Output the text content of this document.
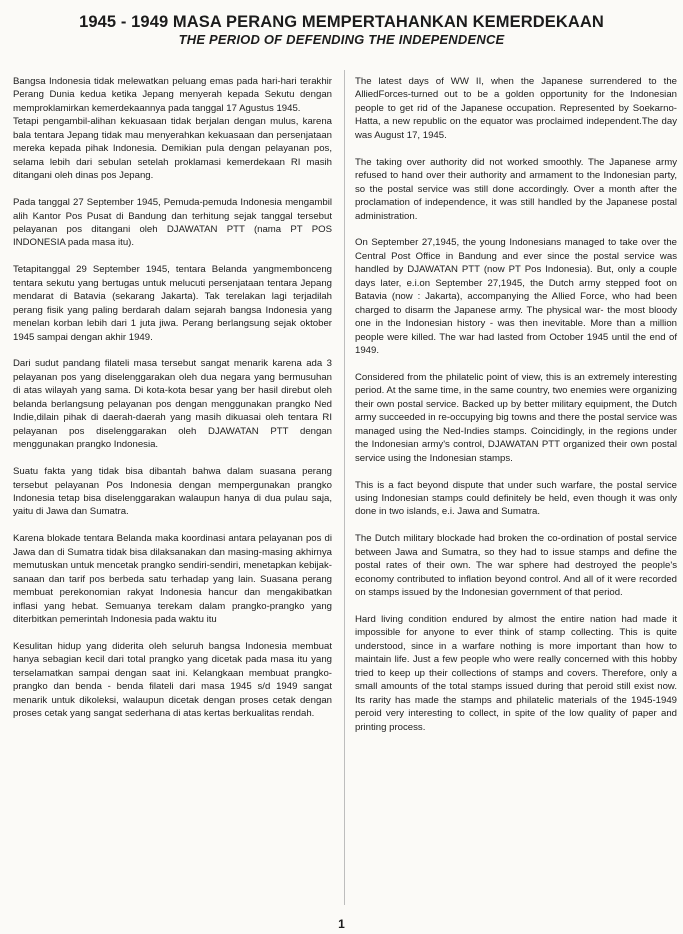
1945 - 1949 MASA PERANG MEMPERTAHANKAN KEMERDEKAAN
THE PERIOD OF DEFENDING THE INDEPENDENCE

Bangsa Indonesia tidak melewatkan peluang emas pada hari-hari terakhir Perang Dunia kedua ketika Jepang menyerah kepada Sekutu dengan memproklamirkan kemerdekaannya pada tanggal 17 Agustus 1945.

Tetapi pengambil-alihan kekuasaan tidak berjalan dengan mulus, karena bala tentara Jepang tidak mau menyerahkan kekuasaan dan persenjataan mereka kepada pihak Indonesia. Demikian pula dengan pelayanan pos, selama lebih dari sebulan setelah proklamasi kemerdekaan RI masih ditangani oleh dinas pos Jepang.

Pada tanggal 27 September 1945, Pemuda-pemuda Indonesia mengambil alih Kantor Pos Pusat di Bandung dan terhitung sejak tanggal tersebut pelayanan pos ditangani oleh DJAWATAN PTT (nama PT POS INDONESIA pada masa itu).

Tetapitanggal 29 September 1945, tentara Belanda yangmembonceng tentara sekutu yang bertugas untuk melucuti persenjataan tentara Jepang mendarat di Batavia (sekarang Jakarta). Tak terelakan lagi terjadilah perang fisik yang paling berdarah dalam sejarah bangsa Indonesia yang menelan korban lebih dari 1 juta jiwa. Perang berlangsung sejak oktober 1945 sampai dengan akhir 1949.

Dari sudut pandang filateli masa tersebut sangat menarik karena ada 3 pelayanan pos yang diselenggarakan oleh dua negara yang bermusuhan di atas wilayah yang sama. Di kota-kota besar yang ber hasil direbut oleh belanda berlangsung pelayanan pos dengan menggunakan prangko Ned Indie,dilain pihak di daerah-daerah yang masih dikuasai oleh tentara RI pelayanan pos diselenggarakan oleh DJAWATAN PTT dengan menggunakan prangko Indonesia.

Suatu fakta yang tidak bisa dibantah bahwa dalam suasana perang tersebut pelayanan Pos Indonesia dengan mempergunakan prangko Indonesia tetap bisa diselenggarakan walaupun hanya di dua pulau saja, yaitu di Jawa dan Sumatra.

Karena blokade tentara Belanda maka koordinasi antara pelayanan pos di Jawa dan di Sumatra tidak bisa dilaksanakan dan masing-masing akhirnya memutuskan untuk mencetak prangko sendiri-sendiri, menetapkan kebijak-sanaan dan tarif pos berbeda satu terhadap yang lain. Suasana perang membuat perekonomian rakyat Indonesia hancur dan mengakibatkan inflasi yang hebat. Semuanya terekam dalam prangko-prangko yang diterbitkan pemerintah Indonesia pada waktu itu

Kesulitan hidup yang diderita oleh seluruh bangsa Indonesia membuat hanya sebagian kecil dari total prangko yang dicetak pada masa itu yang terselamatkan sampai dengan saat ini. Kelangkaan membuat prangko-prangko dan benda - benda filateli dari masa 1945 s/d 1949 sangat menarik untuk dikoleksi, walaupun dicetak dengan proses cetak dengan proses cetak yang sangat sederhana di atas kertas berkualitas rendah.

The latest days of WW II, when the Japanese surrendered to the AlliedForces-turned out to be a golden opportunity for the Indonesian people to get rid of the Japanese occupation. Represented by Soekarno-Hatta, a new republic on the equator was proclaimed independent.The day was August 17, 1945.

The taking over authority did not worked smoothly. The Japanese army refused to hand over their authority and armament to the Indonesian party, so the postal service was still done accordingly. Over a month after the proclamation of independence, it was still handled by the Japanese postal administration.

On September 27,1945, the young Indonesians managed to take over the Central Post Office in Bandung and ever since the postal service was handled by DJAWATAN PTT (now PT Pos Indonesia). But, only a couple days later, e.i.on September 27,1945, the Dutch army stepped foot on Batavia (now : Jakarta), accompanying the Allied Force, who had been charged to disarm the Japanese army. The physical war- the most bloody one in the Indonesian history - was then inevitable. More than a million people were killed. The war had lasted from October 1945 until the end of 1949.

Considered from the philatelic point of view, this is an extremely interesting period. At the same time, in the same country, two enemies were organizing their own postal service. Backed up by better military equipment, the Dutch army succeeded in re-occupying big towns and there the postal service was managed using the Ned-Indies stamps. Coincidingly, in the regions under the Indonesian army's control, DJAWATAN PTT organized their own postal service using the Indonesian stamps.

This is a fact beyond dispute that under such warfare, the postal service using Indonesian stamps could definitely be held, even though it was only done in two islands, e.i. Jawa and Sumatra.

The Dutch military blockade had broken the co-ordination of postal service between Jawa and Sumatra, so they had to issue stamps and define the postal rates of their own. The war sphere had destroyed the people's economy contributed to inflation beyond control. And all of it were recorded on stamps issued by the Indonesian government of that period.

Hard living condition endured by almost the entire nation had made it impossible for anyone to ever think of stamp collecting. This is quite understood, since in a warfare nothing is more important than how to maintain life. Just a few people who were really concerned with this hobby tried to keep up their collections of stamps and covers. Therefore, only a small amounts of the total stamps issued during that peroid still exist now. Its rarity has made the stamps and philatelic materials of the 1945-1949 peroid very interesting to collect, in spite of the low quality of paper and printing process.

1
